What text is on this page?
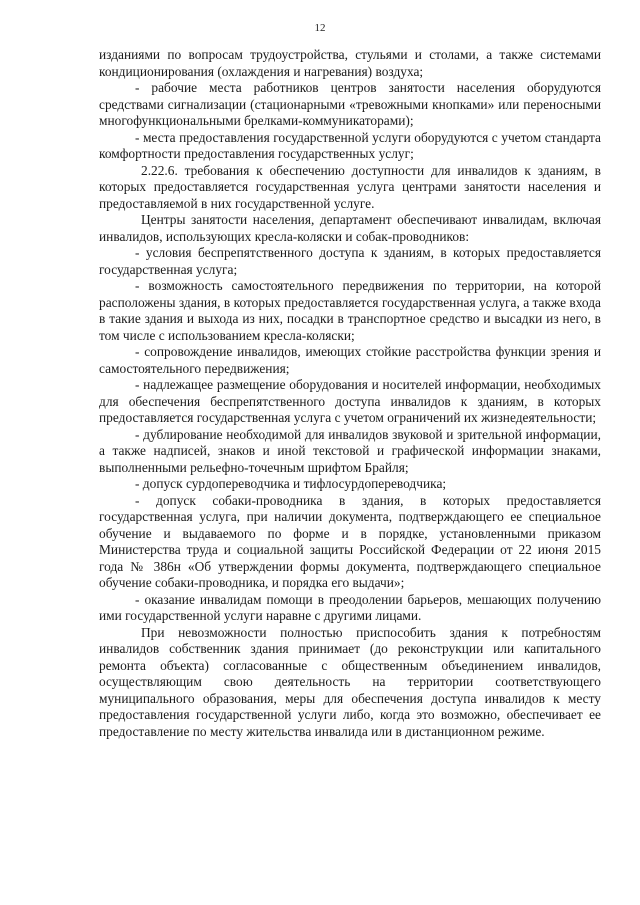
12

изданиями по вопросам трудоустройства, стульями и столами, а также системами кондиционирования (охлаждения и нагревания) воздуха;

- рабочие места работников центров занятости населения оборудуются средствами сигнализации (стационарными «тревожными кнопками» или переносными многофункциональными брелками-коммуникаторами);

- места предоставления государственной услуги оборудуются с учетом стандарта комфортности предоставления государственных услуг;

2.22.6. требования к обеспечению доступности для инвалидов к зданиям, в которых предоставляется государственная услуга центрами занятости населения и предоставляемой в них государственной услуге.

Центры занятости населения, департамент обеспечивают инвалидам, включая инвалидов, использующих кресла-коляски и собак-проводников:

- условия беспрепятственного доступа к зданиям, в которых предоставляется государственная услуга;

- возможность самостоятельного передвижения по территории, на которой расположены здания, в которых предоставляется государственная услуга, а также входа в такие здания и выхода из них, посадки в транспортное средство и высадки из него, в том числе с использованием кресла-коляски;

- сопровождение инвалидов, имеющих стойкие расстройства функции зрения и самостоятельного передвижения;

- надлежащее размещение оборудования и носителей информации, необходимых для обеспечения беспрепятственного доступа инвалидов к зданиям, в которых предоставляется государственная услуга с учетом ограничений их жизнедеятельности;

- дублирование необходимой для инвалидов звуковой и зрительной информации, а также надписей, знаков и иной текстовой и графической информации знаками, выполненными рельефно-точечным шрифтом Брайля;

- допуск сурдопереводчика и тифлосурдопереводчика;

- допуск собаки-проводника в здания, в которых предоставляется государственная услуга, при наличии документа, подтверждающего ее специальное обучение и выдаваемого по форме и в порядке, установленными приказом Министерства труда и социальной защиты Российской Федерации от 22 июня 2015 года № 386н «Об утверждении формы документа, подтверждающего специальное обучение собаки-проводника, и порядка его выдачи»;

- оказание инвалидам помощи в преодолении барьеров, мешающих получению ими государственной услуги наравне с другими лицами.

При невозможности полностью приспособить здания к потребностям инвалидов собственник здания принимает (до реконструкции или капитального ремонта объекта) согласованные с общественным объединением инвалидов, осуществляющим свою деятельность на территории соответствующего муниципального образования, меры для обеспечения доступа инвалидов к месту предоставления государственной услуги либо, когда это возможно, обеспечивает ее предоставление по месту жительства инвалида или в дистанционном режиме.
